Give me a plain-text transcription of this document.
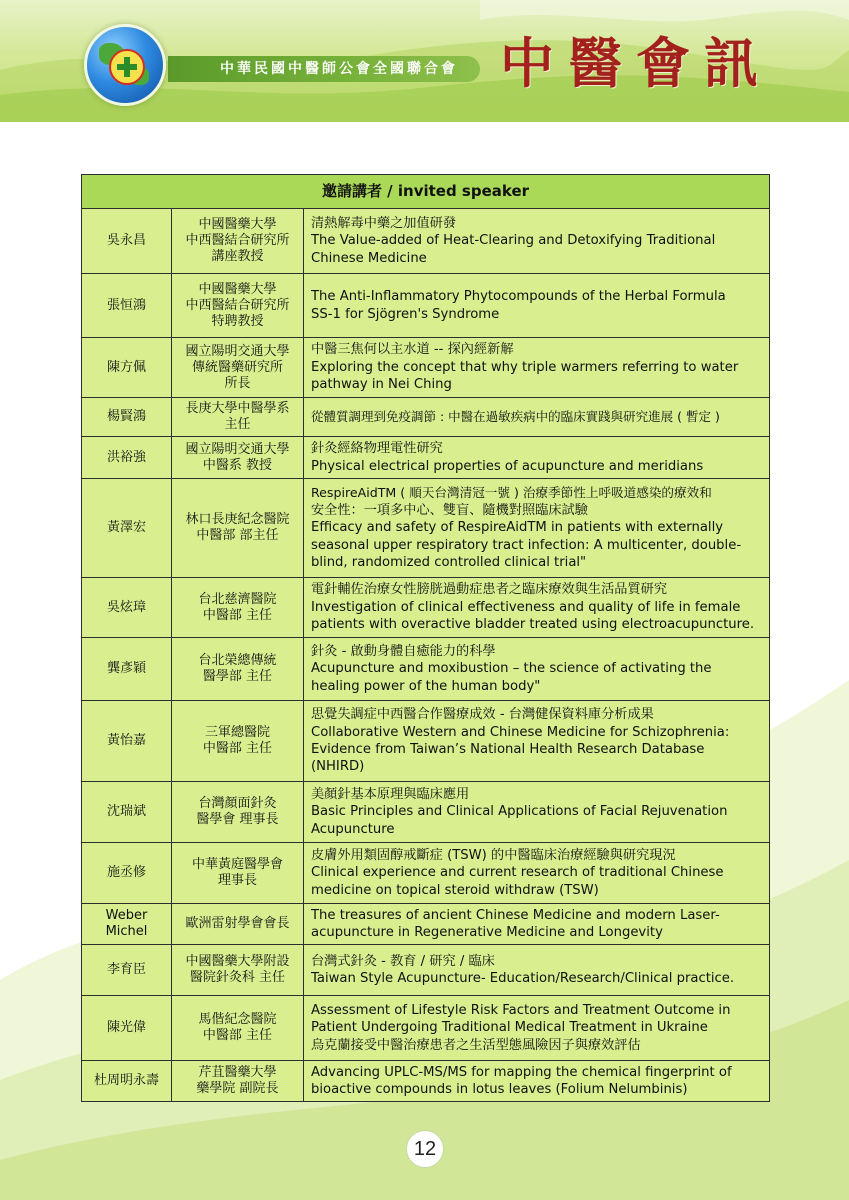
中華民國中醫師公會全國聯合會 中醫會訊
邀請講者 / invited speaker
吳永昌
中國醫藥大學
中西醫結合研究所
講座教授
清熱解毒中藥之加值研發
The Value-added of Heat-Clearing and Detoxifying Traditional
Chinese Medicine
張恒鴻
中國醫藥大學
中西醫結合研究所
特聘教授
The Anti-Inflammatory Phytocompounds of the Herbal Formula
SS-1 for Sjögren's Syndrome
陳方佩
國立陽明交通大學
傳統醫藥研究所
所長
中醫三焦何以主水道 -- 探內經新解
Exploring the concept that why triple warmers referring to water
pathway in Nei Ching
楊賢鴻
長庚大學中醫學系
主任
從體質調理到免疫調節 : 中醫在過敏疾病中的臨床實踐與研究進展 ( 暫定 )
洪裕強
國立陽明交通大學
中醫系 教授
針灸經絡物理電性研究
Physical electrical properties of acupuncture and meridians
黃澤宏
林口長庚紀念醫院
中醫部 部主任
RespireAidTM ( 順天台灣清冠一號 ) 治療季節性上呼吸道感染的療效和
安全性：一項多中心、雙盲、隨機對照臨床試驗
Efficacy and safety of RespireAidTM in patients with externally
seasonal upper respiratory tract infection: A multicenter, double-
blind, randomized controlled clinical trial"
吳炫璋
台北慈濟醫院
中醫部 主任
電針輔佐治療女性膀胱過動症患者之臨床療效與生活品質研究
Investigation of clinical effectiveness and quality of life in female
patients with overactive bladder treated using electroacupuncture.
龔彥穎
台北榮總傳統
醫學部 主任
針灸 - 啟動身體自癒能力的科學
Acupuncture and moxibustion – the science of activating the
healing power of the human body"
黃怡嘉
三軍總醫院
中醫部 主任
思覺失調症中西醫合作醫療成效 - 台灣健保資料庫分析成果
Collaborative Western and Chinese Medicine for Schizophrenia:
Evidence from Taiwan’s National Health Research Database
(NHIRD)
沈瑞斌
台灣顏面針灸
醫學會 理事長
美顏針基本原理與臨床應用
Basic Principles and Clinical Applications of Facial Rejuvenation
Acupuncture
施丞修
中華黃庭醫學會
理事長
皮膚外用類固醇戒斷症 (TSW) 的中醫臨床治療經驗與研究現況
Clinical experience and current research of traditional Chinese
medicine on topical steroid withdraw (TSW)
Weber
Michel
歐洲雷射學會會長
The treasures of ancient Chinese Medicine and modern Laser-
acupuncture in Regenerative Medicine and Longevity
李育臣
中國醫藥大學附設
醫院針灸科 主任
台灣式針灸 - 教育 / 研究 / 臨床
Taiwan Style Acupuncture- Education/Research/Clinical practice.
陳光偉
馬偕紀念醫院
中醫部 主任
Assessment of Lifestyle Risk Factors and Treatment Outcome in
Patient Undergoing Traditional Medical Treatment in Ukraine
烏克蘭接受中醫治療患者之生活型態風險因子與療效評估
杜周明永壽
芹苴醫藥大學
藥學院 副院長
Advancing UPLC-MS/MS for mapping the chemical fingerprint of
bioactive compounds in lotus leaves (Folium Nelumbinis)
12
